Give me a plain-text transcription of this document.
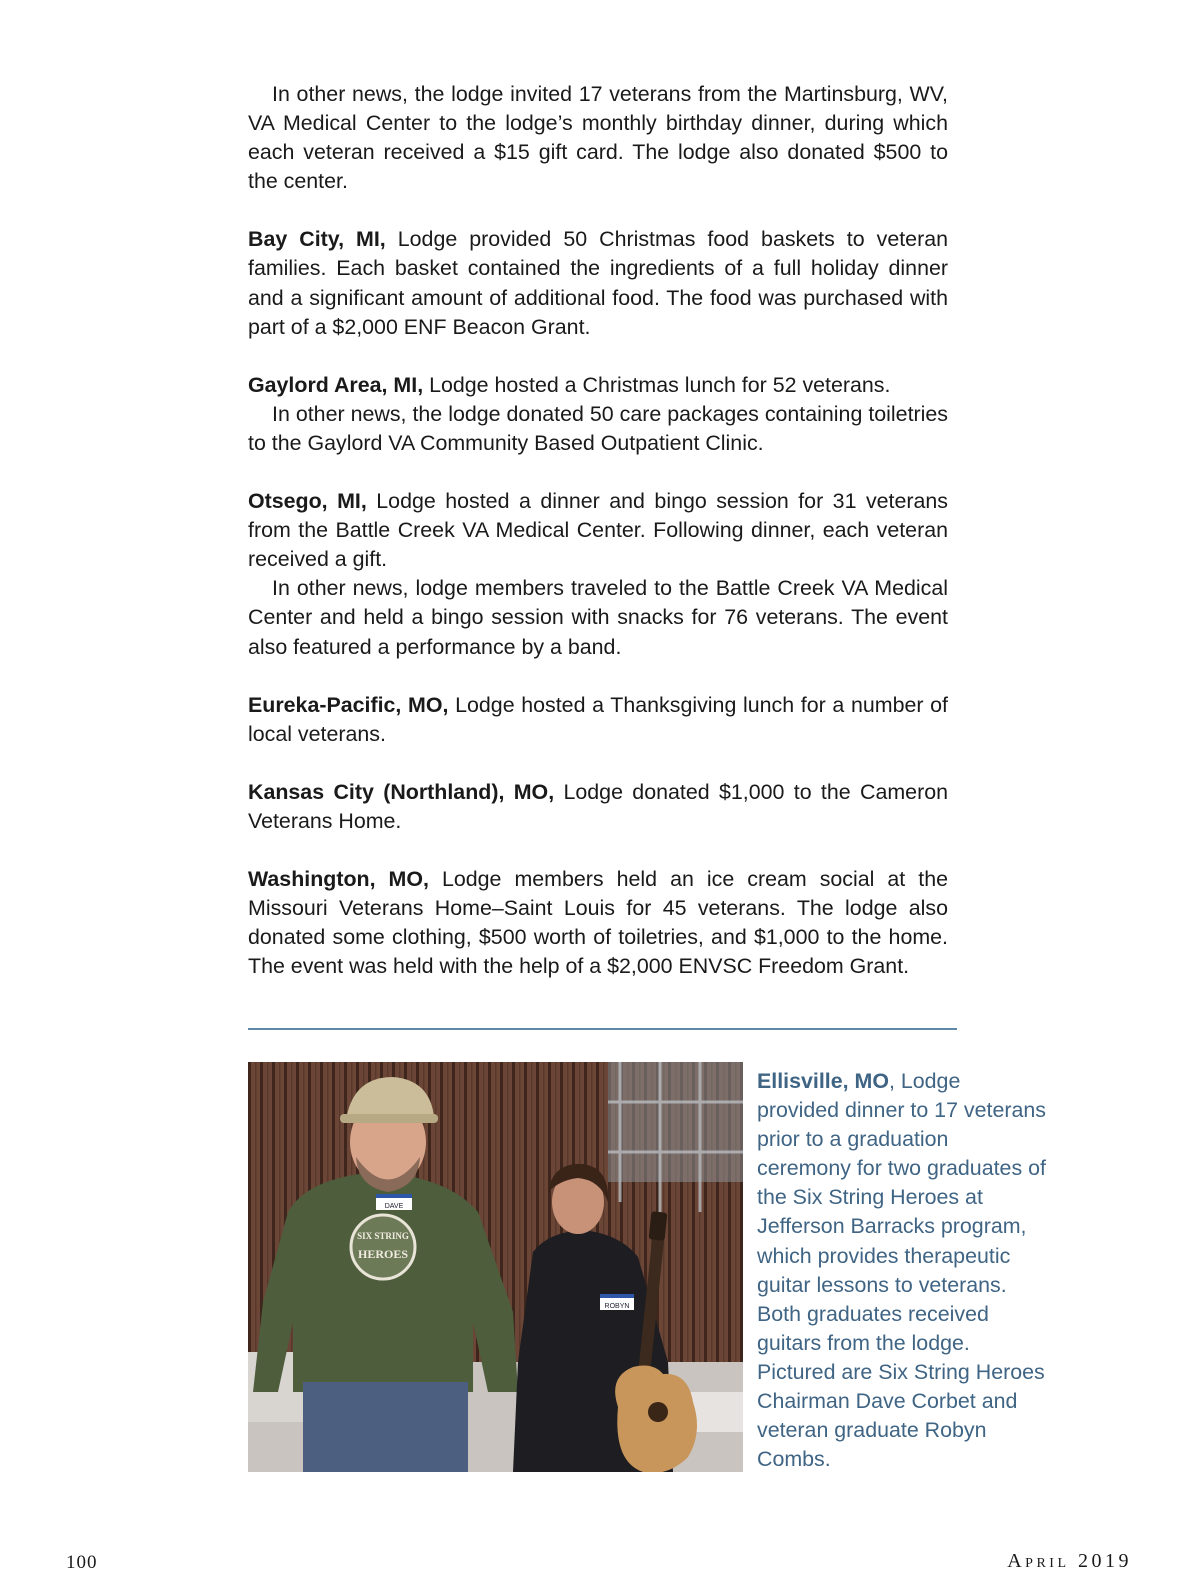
In other news, the lodge invited 17 veterans from the Martinsburg, WV, VA Medical Center to the lodge’s monthly birthday dinner, during which each veteran received a $15 gift card. The lodge also donated $500 to the center.

Bay City, MI, Lodge provided 50 Christmas food baskets to veteran families. Each basket contained the ingredients of a full holiday dinner and a significant amount of additional food. The food was purchased with part of a $2,000 ENF Beacon Grant.

Gaylord Area, MI, Lodge hosted a Christmas lunch for 52 veterans.

In other news, the lodge donated 50 care packages containing toiletries to the Gaylord VA Community Based Outpatient Clinic.

Otsego, MI, Lodge hosted a dinner and bingo session for 31 veterans from the Battle Creek VA Medical Center. Following dinner, each veteran received a gift.

In other news, lodge members traveled to the Battle Creek VA Medical Center and held a bingo session with snacks for 76 veterans. The event also featured a performance by a band.

Eureka-Pacific, MO, Lodge hosted a Thanksgiving lunch for a number of local veterans.

Kansas City (Northland), MO, Lodge donated $1,000 to the Cameron Veterans Home.

Washington, MO, Lodge members held an ice cream social at the Missouri Veterans Home–Saint Louis for 45 veterans. The lodge also donated some clothing, $500 worth of toiletries, and $1,000 to the home. The event was held with the help of a $2,000 ENVSC Freedom Grant.

SIX STRING
HEROES
DAVE
ROBYN
Ellisville, MO, Lodge provided dinner to 17 veterans prior to a graduation ceremony for two graduates of the Six String Heroes at Jefferson Barracks program, which provides therapeutic guitar lessons to veterans. Both graduates received guitars from the lodge. Pictured are Six String Heroes Chairman Dave Corbet and veteran graduate Robyn Combs.
100	April 2019
